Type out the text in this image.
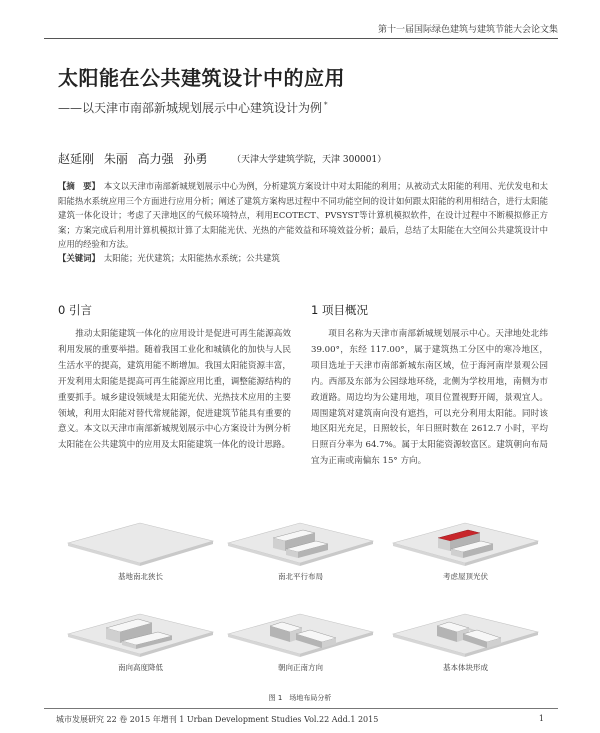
第十一届国际绿色建筑与建筑节能大会论文集
太阳能在公共建筑设计中的应用
——以天津市南部新城规划展示中心建筑设计为例 *
赵延刚 朱丽 高力强 孙勇	（天津大学建筑学院，天津 300001）
【摘　要】 本文以天津市南部新城规划展示中心为例，分析建筑方案设计中对太阳能的利用；从被动式太阳能的利用、光伏发电和太阳能热水系统应用三个方面进行应用分析；阐述了建筑方案构思过程中不同功能空间的设计如何跟太阳能的利用相结合，进行太阳能建筑一体化设计；考虑了天津地区的气候环境特点，利用ECOTECT、PVSYST等计算机模拟软件，在设计过程中不断模拟修正方案；方案完成后利用计算机模拟计算了太阳能光伏、光热的产能效益和环境效益分析；最后，总结了太阳能在大空间公共建筑设计中应用的经验和方法。
【关键词】 太阳能；光伏建筑；太阳能热水系统；公共建筑
0 引言	1 项目概况

推动太阳能建筑一体化的应用设计是促进可再生能源高效利用发展的重要举措。随着我国工业化和城镇化的加快与人民生活水平的提高，建筑用能不断增加。我国太阳能资源丰富，开发利用太阳能是提高可再生能源应用比重，调整能源结构的重要抓手。城乡建设领域是太阳能光伏、光热技术应用的主要领域，利用太阳能对替代常规能源，促进建筑节能具有重要的意义。本文以天津市南部新城规划展示中心方案设计为例分析太阳能在公共建筑中的应用及太阳能建筑一体化的设计思路。

项目名称为天津市南部新城规划展示中心。天津地处北纬 39.00°，东经 117.00°，属于建筑热工分区中的寒冷地区，项目选址于天津市南部新城东南区域，位于海河南岸景观公园内。西部及东部为公园绿地环绕，北侧为学校用地，南侧为市政道路。周边均为公建用地，项目位置视野开阔，景观宜人。周围建筑对建筑南向没有遮挡，可以充分利用太阳能。同时该地区阳光充足，日照较长，年日照时数在 2612.7 小时，平均日照百分率为 64.7%。属于太阳能资源较富区。建筑朝向布局宜为正南或南偏东 15° 方向。

基地南北狭长	南北平行布局	考虑屋顶光伏
南向高度降低	朝向正南方向	基本体块形成
图 1　场地布局分析
城市发展研究 22 卷 2015 年增刊 1 Urban Development Studies Vol.22 Add.1 2015	1
